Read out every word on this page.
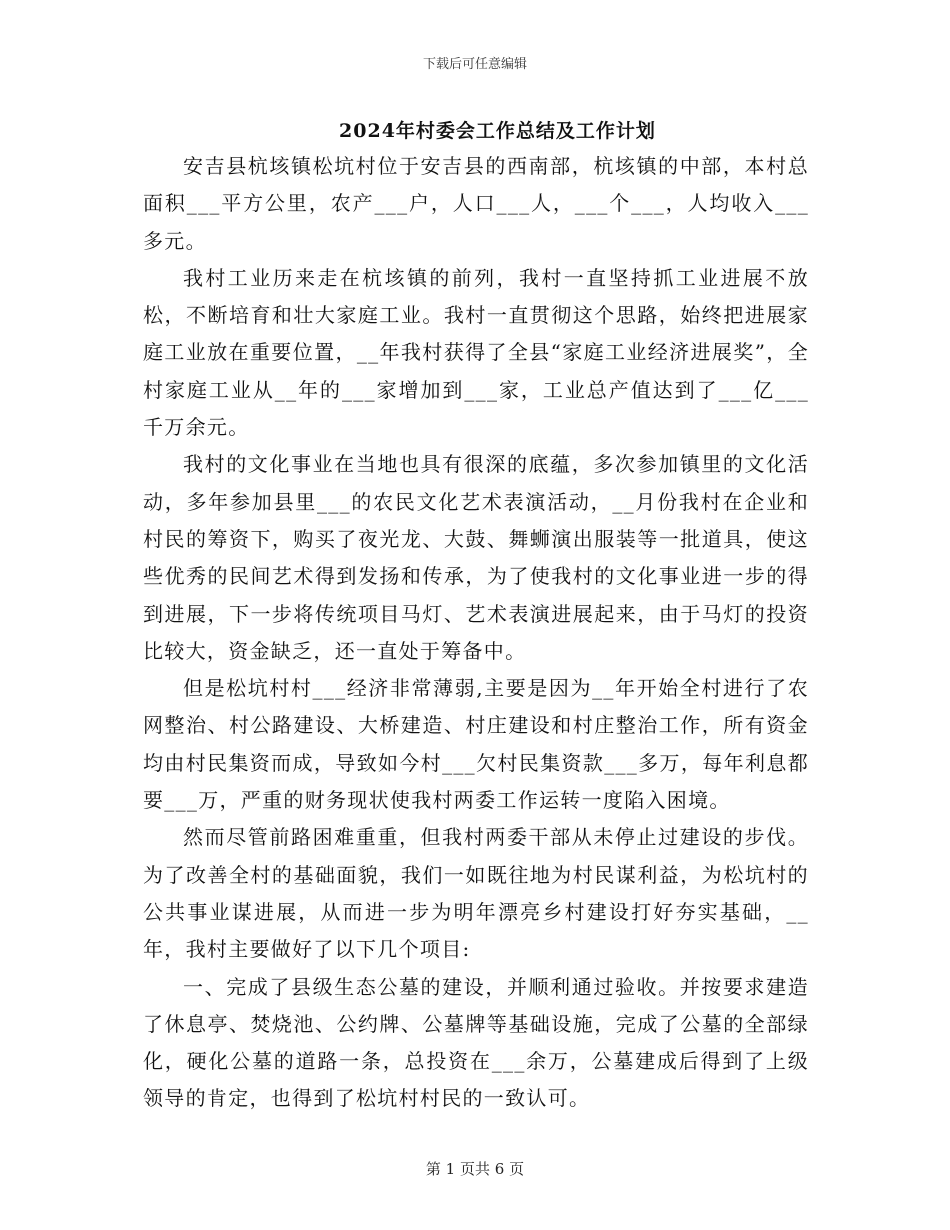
下载后可任意编辑
2024年村委会工作总结及工作计划

安吉县杭垓镇松坑村位于安吉县的西南部，杭垓镇的中部，本村总面积___平方公里，农产___户，人口___人，___个___，人均收入___多元。

我村工业历来走在杭垓镇的前列，我村一直坚持抓工业进展不放松，不断培育和壮大家庭工业。我村一直贯彻这个思路，始终把进展家庭工业放在重要位置，__年我村获得了全县“家庭工业经济进展奖”，全村家庭工业从__年的___家增加到___家，工业总产值达到了___亿___千万余元。

我村的文化事业在当地也具有很深的底蕴，多次参加镇里的文化活动，多年参加县里___的农民文化艺术表演活动，__月份我村在企业和村民的筹资下，购买了夜光龙、大鼓、舞蛳演出服装等一批道具，使这些优秀的民间艺术得到发扬和传承，为了使我村的文化事业进一步的得到进展，下一步将传统项目马灯、艺术表演进展起来，由于马灯的投资比较大，资金缺乏，还一直处于筹备中。

但是松坑村村___经济非常薄弱,主要是因为__年开始全村进行了农网整治、村公路建设、大桥建造、村庄建设和村庄整治工作，所有资金均由村民集资而成，导致如今村___欠村民集资款___多万，每年利息都要___万，严重的财务现状使我村两委工作运转一度陷入困境。

然而尽管前路困难重重，但我村两委干部从未停止过建设的步伐。为了改善全村的基础面貌，我们一如既往地为村民谋利益，为松坑村的公共事业谋进展，从而进一步为明年漂亮乡村建设打好夯实基础，__年，我村主要做好了以下几个项目:

一、完成了县级生态公墓的建设，并顺利通过验收。并按要求建造了休息亭、焚烧池、公约牌、公墓牌等基础设施，完成了公墓的全部绿化，硬化公墓的道路一条，总投资在___余万，公墓建成后得到了上级领导的肯定，也得到了松坑村村民的一致认可。

第 1 页共 6 页
